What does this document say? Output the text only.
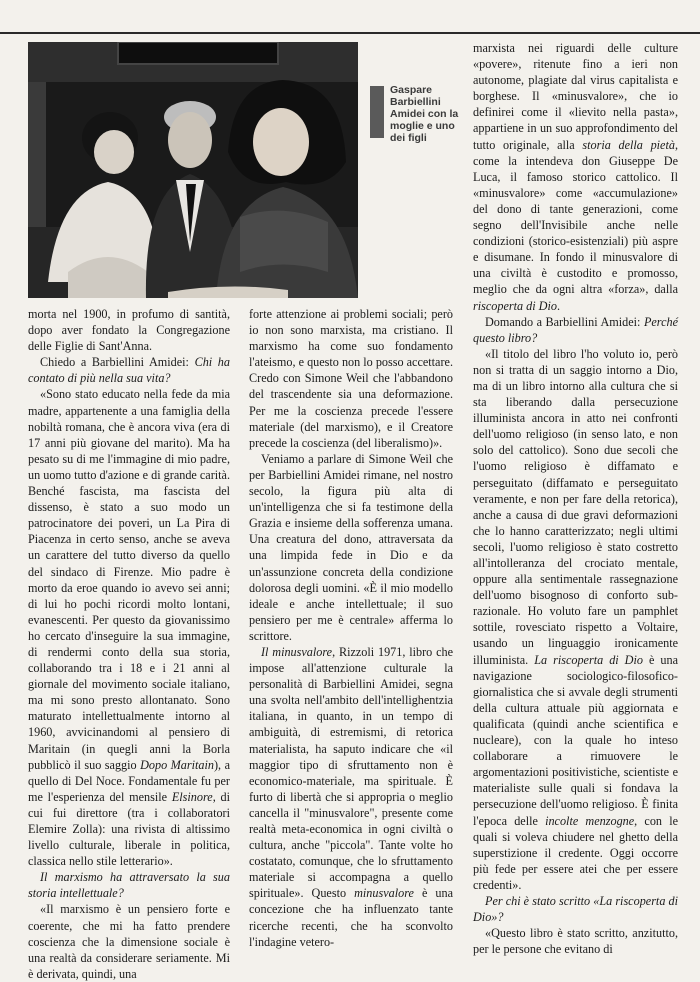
Gaspare Barbiellini Amidei con la moglie e uno dei figli

morta nel 1900, in profumo di santità, dopo aver fondato la Congregazione delle Figlie di Sant'Anna.

Chiedo a Barbiellini Amidei: Chi ha contato di più nella sua vita?

«Sono stato educato nella fede da mia madre, appartenente a una famiglia della nobiltà romana, che è ancora viva (era di 17 anni più giovane del marito). Ma ha pesato su di me l'immagine di mio padre, un uomo tutto d'azione e di grande carità. Benché fascista, ma fascista del dissenso, è stato a suo modo un patrocinatore dei poveri, un La Pira di Piacenza in certo senso, anche se aveva un carattere del tutto diverso da quello del sindaco di Firenze. Mio padre è morto da eroe quando io avevo sei anni; di lui ho pochi ricordi molto lontani, evanescenti. Per questo da giovanissimo ho cercato d'inseguire la sua immagine, di rendermi conto della sua storia, collaborando tra i 18 e i 21 anni al giornale del movimento sociale italiano, ma mi sono presto allontanato. Sono maturato intellettualmente intorno al 1960, avvicinandomi al pensiero di Maritain (in quegli anni la Borla pubblicò il suo saggio Dopo Maritain), a quello di Del Noce. Fondamentale fu per me l'esperienza del mensile Elsinore, di cui fui direttore (tra i collaboratori Elemire Zolla): una rivista di altissimo livello culturale, liberale in politica, classica nello stile letterario».

Il marxismo ha attraversato la sua storia intellettuale?

«Il marxismo è un pensiero forte e coerente, che mi ha fatto prendere coscienza che la dimensione sociale è una realtà da considerare seriamente. Mi è derivata, quindi, una

forte attenzione ai problemi sociali; però io non sono marxista, ma cristiano. Il marxismo ha come suo fondamento l'ateismo, e questo non lo posso accettare. Credo con Simone Weil che l'abbandono del trascendente sia una deformazione. Per me la coscienza precede l'essere materiale (del marxismo), e il Creatore precede la coscienza (del liberalismo)».

Veniamo a parlare di Simone Weil che per Barbiellini Amidei rimane, nel nostro secolo, la figura più alta di un'intelligenza che si fa testimone della Grazia e insieme della sofferenza umana. Una creatura del dono, attraversata da una limpida fede in Dio e da un'assunzione concreta della condizione dolorosa degli uomini. «È il mio modello ideale e anche intellettuale; il suo pensiero per me è centrale» afferma lo scrittore.

Il minusvalore, Rizzoli 1971, libro che impose all'attenzione culturale la personalità di Barbiellini Amidei, segna una svolta nell'ambito dell'intellighentzia italiana, in quanto, in un tempo di ambiguità, di estremismi, di retorica materialista, ha saputo indicare che «il maggior tipo di sfruttamento non è economico-materiale, ma spirituale. È furto di libertà che si appropria o meglio cancella il "minusvalore", presente come realtà meta-economica in ogni civiltà o cultura, anche "piccola". Tante volte ho costatato, comunque, che lo sfruttamento materiale si accompagna a quello spirituale». Questo minusvalore è una concezione che ha influenzato tante ricerche recenti, che ha sconvolto l'indagine vetero-

marxista nei riguardi delle culture «povere», ritenute fino a ieri non autonome, plagiate dal virus capitalista e borghese. Il «minusvalore», che io definirei come il «lievito nella pasta», appartiene in un suo approfondimento del tutto originale, alla storia della pietà, come la intendeva don Giuseppe De Luca, il famoso storico cattolico. Il «minusvalore» come «accumulazione» del dono di tante generazioni, come segno dell'Invisibile anche nelle condizioni (storico-esistenziali) più aspre e disumane. In fondo il minusvalore di una civiltà è custodito e promosso, meglio che da ogni altra «forza», dalla riscoperta di Dio.

Domando a Barbiellini Amidei: Perché questo libro?

«Il titolo del libro l'ho voluto io, però non si tratta di un saggio intorno a Dio, ma di un libro intorno alla cultura che si sta liberando dalla persecuzione illuminista ancora in atto nei confronti dell'uomo religioso (in senso lato, e non solo del cattolico). Sono due secoli che l'uomo religioso è diffamato e perseguitato (diffamato e perseguitato veramente, e non per fare della retorica), anche a causa di due gravi deformazioni che lo hanno caratterizzato; negli ultimi secoli, l'uomo religioso è stato costretto all'intolleranza del crociato mentale, oppure alla sentimentale rassegnazione dell'uomo bisognoso di conforto sub-razionale. Ho voluto fare un pamphlet sottile, rovesciato rispetto a Voltaire, usando un linguaggio ironicamente illuminista. La riscoperta di Dio è una navigazione sociologico-filosofico-giornalistica che si avvale degli strumenti della cultura attuale più aggiornata e qualificata (quindi anche scientifica e nucleare), con la quale ho inteso collaborare a rimuovere le argomentazioni positivistiche, scientiste e materialiste sulle quali si fondava la persecuzione dell'uomo religioso. È finita l'epoca delle incolte menzogne, con le quali si voleva chiudere nel ghetto della superstizione il credente. Oggi occorre più fede per essere atei che per essere credenti».

Per chi è stato scritto «La riscoperta di Dio»?

«Questo libro è stato scritto, anzitutto, per le persone che evitano di
